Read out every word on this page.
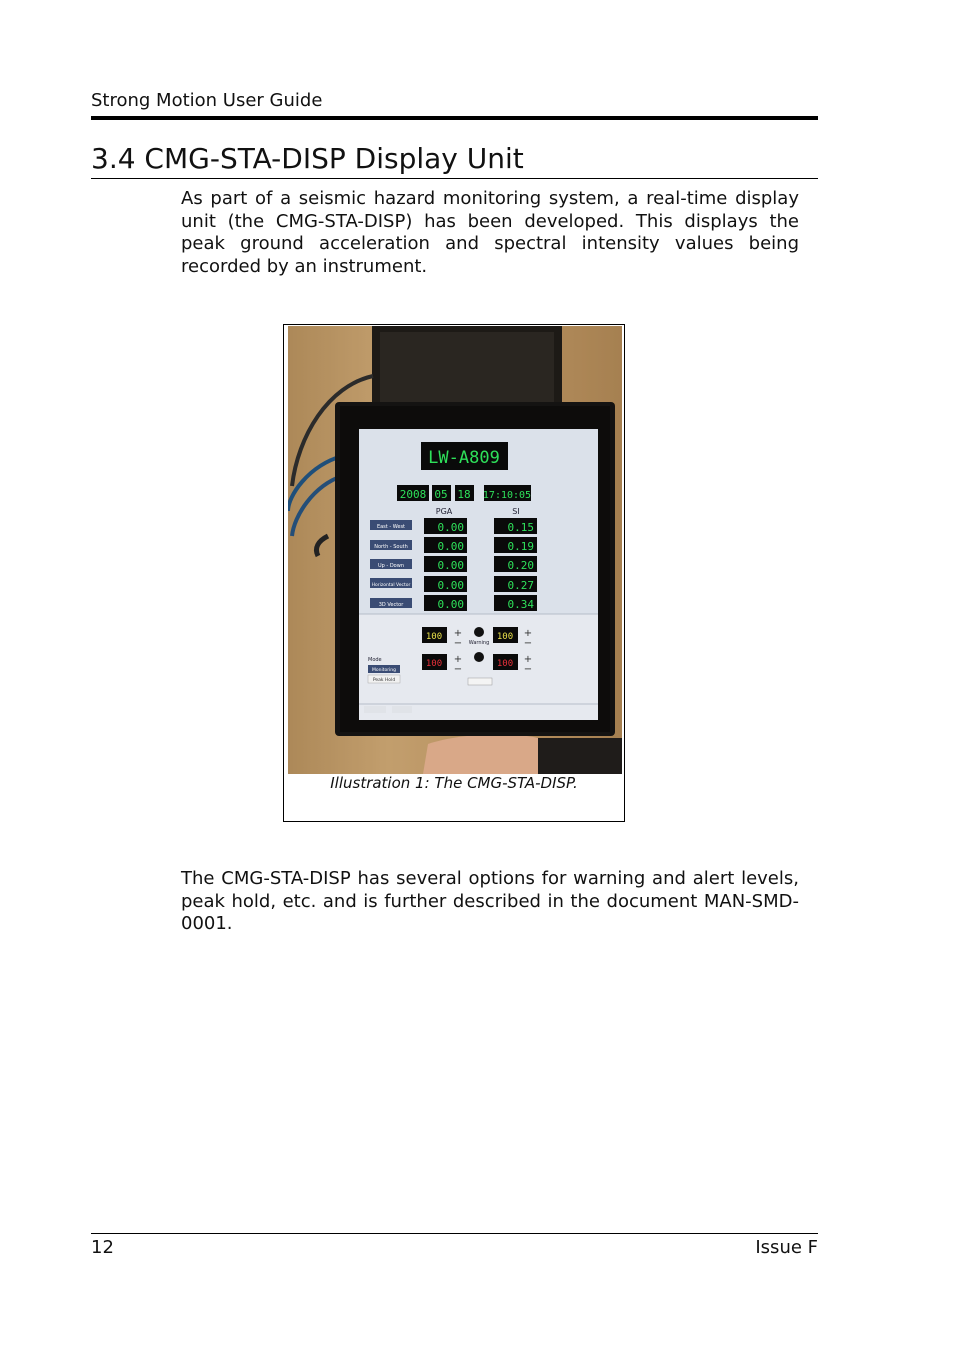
Strong Motion User Guide
3.4 CMG-STA-DISP Display Unit

As part of a seismic hazard monitoring system, a real-time display unit (the CMG-STA-DISP) has been developed. This displays the peak ground acceleration and spectral intensity values being recorded by an instrument.

LW-A809
2008 05 18 17:10:05
PGA	SI
East - West	0.00	0.15
North - South	0.00	0.19
Up - Down	0.00	0.20
Horizontal Vector 0.00	0.27
3D Vector	0.00	0.34
100 +
− Warning
100 +
−
100 +
−	100 +
−
Mode
Monitoring
Peak Hold
Illustration 1: The CMG-STA-DISP.

The CMG-STA-DISP has several options for warning and alert levels, peak hold, etc. and is further described in the document MAN-SMD-0001.

12	Issue F
